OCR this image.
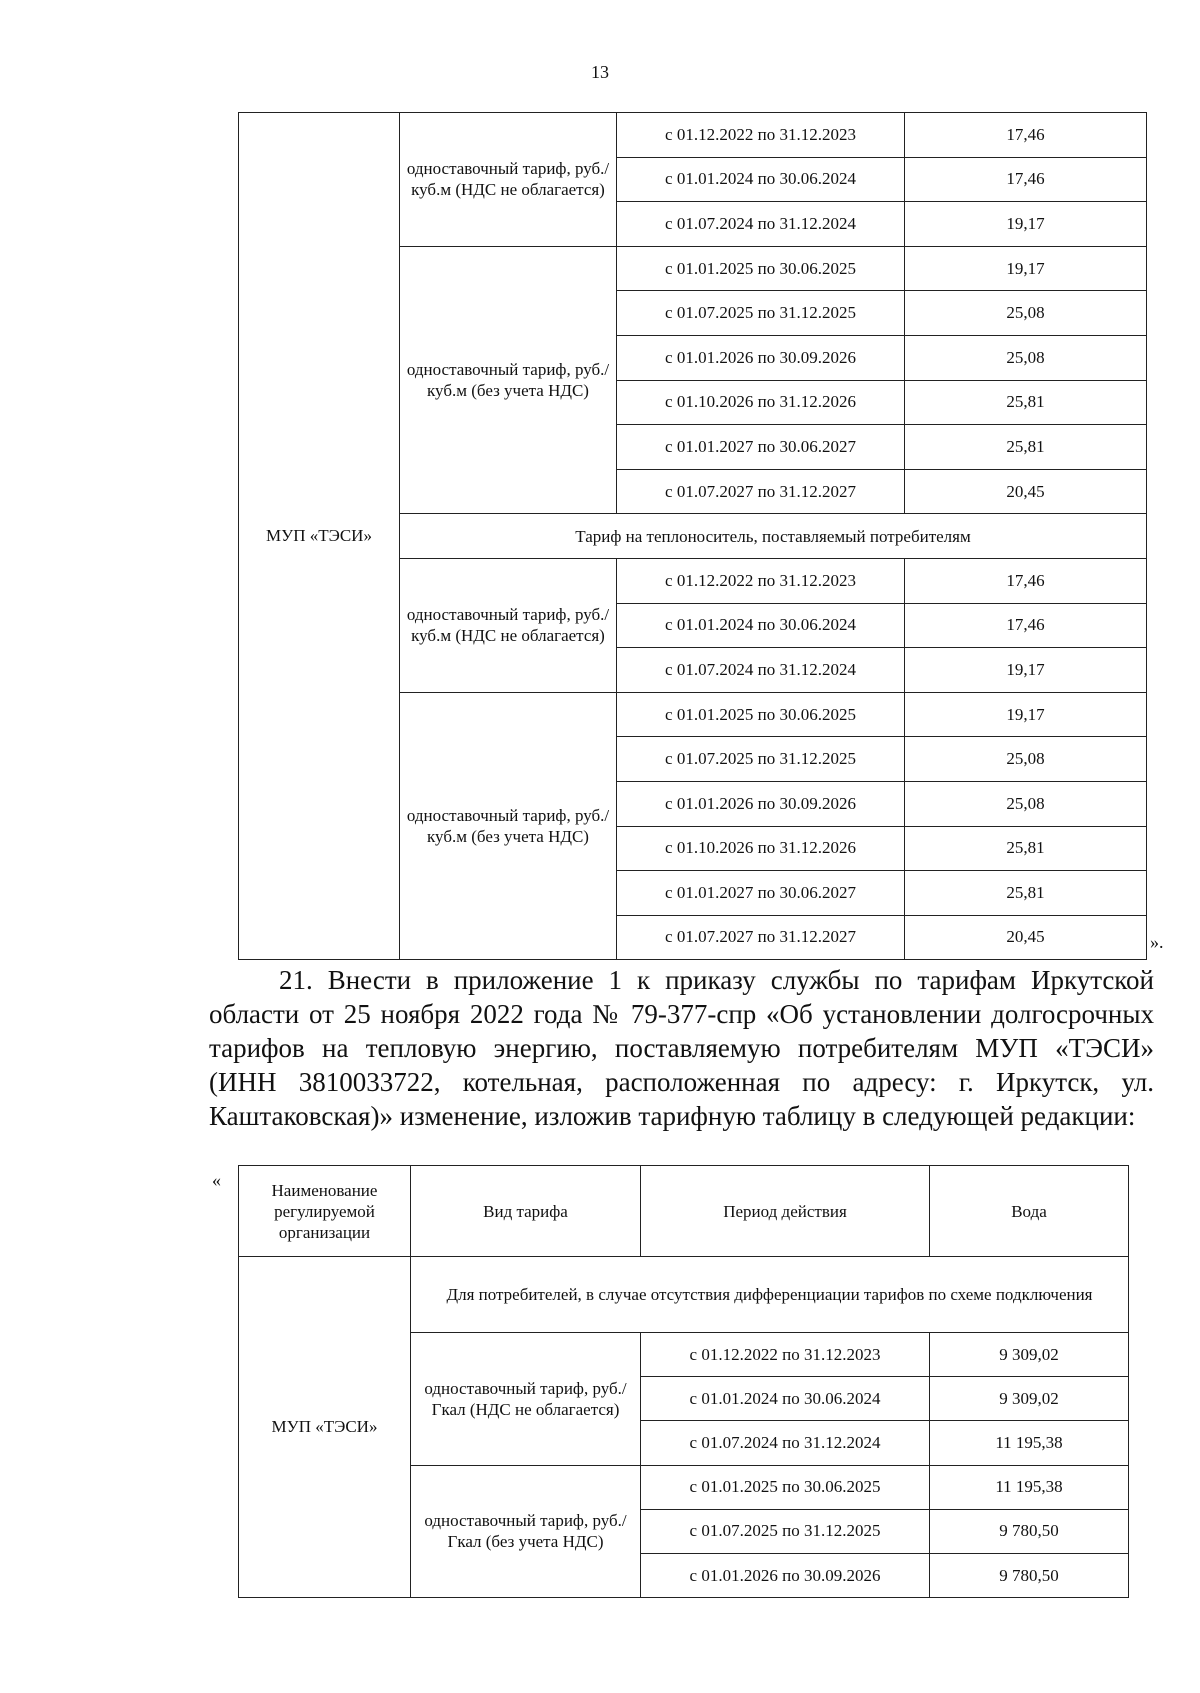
13
МУП «ТЭСИ»	одноставочный тариф, руб./куб.м (НДС не облагается)	с 01.12.2022 по 31.12.2023	17,46
		с 01.01.2024 по 30.06.2024	17,46
		с 01.07.2024 по 31.12.2024	19,17
	одноставочный тариф, руб./куб.м (без учета НДС)	с 01.01.2025 по 30.06.2025	19,17
		с 01.07.2025 по 31.12.2025	25,08
		с 01.01.2026 по 30.09.2026	25,08
		с 01.10.2026 по 31.12.2026	25,81
		с 01.01.2027 по 30.06.2027	25,81
		с 01.07.2027 по 31.12.2027	20,45
	Тариф на теплоноситель, поставляемый потребителям		
	одноставочный тариф, руб./куб.м (НДС не облагается)	с 01.12.2022 по 31.12.2023	17,46
		с 01.01.2024 по 30.06.2024	17,46
		с 01.07.2024 по 31.12.2024	19,17
	одноставочный тариф, руб./куб.м (без учета НДС)	с 01.01.2025 по 30.06.2025	19,17
		с 01.07.2025 по 31.12.2025	25,08
		с 01.01.2026 по 30.09.2026	25,08
		с 01.10.2026 по 31.12.2026	25,81
		с 01.01.2027 по 30.06.2027	25,81
		с 01.07.2027 по 31.12.2027	20,45	».
21. Внести в приложение 1 к приказу службы по тарифам Иркутской области от 25 ноября 2022 года № 79-377-спр «Об установлении долгосрочных тарифов на тепловую энергию, поставляемую потребителям МУП «ТЭСИ» (ИНН 3810033722, котельная, расположенная по адресу: г. Иркутск, ул. Каштаковская)» изменение, изложив тарифную таблицу в следующей редакции:
«	Наименование регулируемой организации	Вид тарифа	Период действия	Вода
МУП «ТЭСИ»	Для потребителей, в случае отсутствия дифференциации тарифов по схеме подключения		
	одноставочный тариф, руб./Гкал (НДС не облагается)	с 01.12.2022 по 31.12.2023	9 309,02
		с 01.01.2024 по 30.06.2024	9 309,02
		с 01.07.2024 по 31.12.2024	11 195,38
	одноставочный тариф, руб./Гкал (без учета НДС)	с 01.01.2025 по 30.06.2025	11 195,38
		с 01.07.2025 по 31.12.2025	9 780,50
		с 01.01.2026 по 30.09.2026	9 780,50
